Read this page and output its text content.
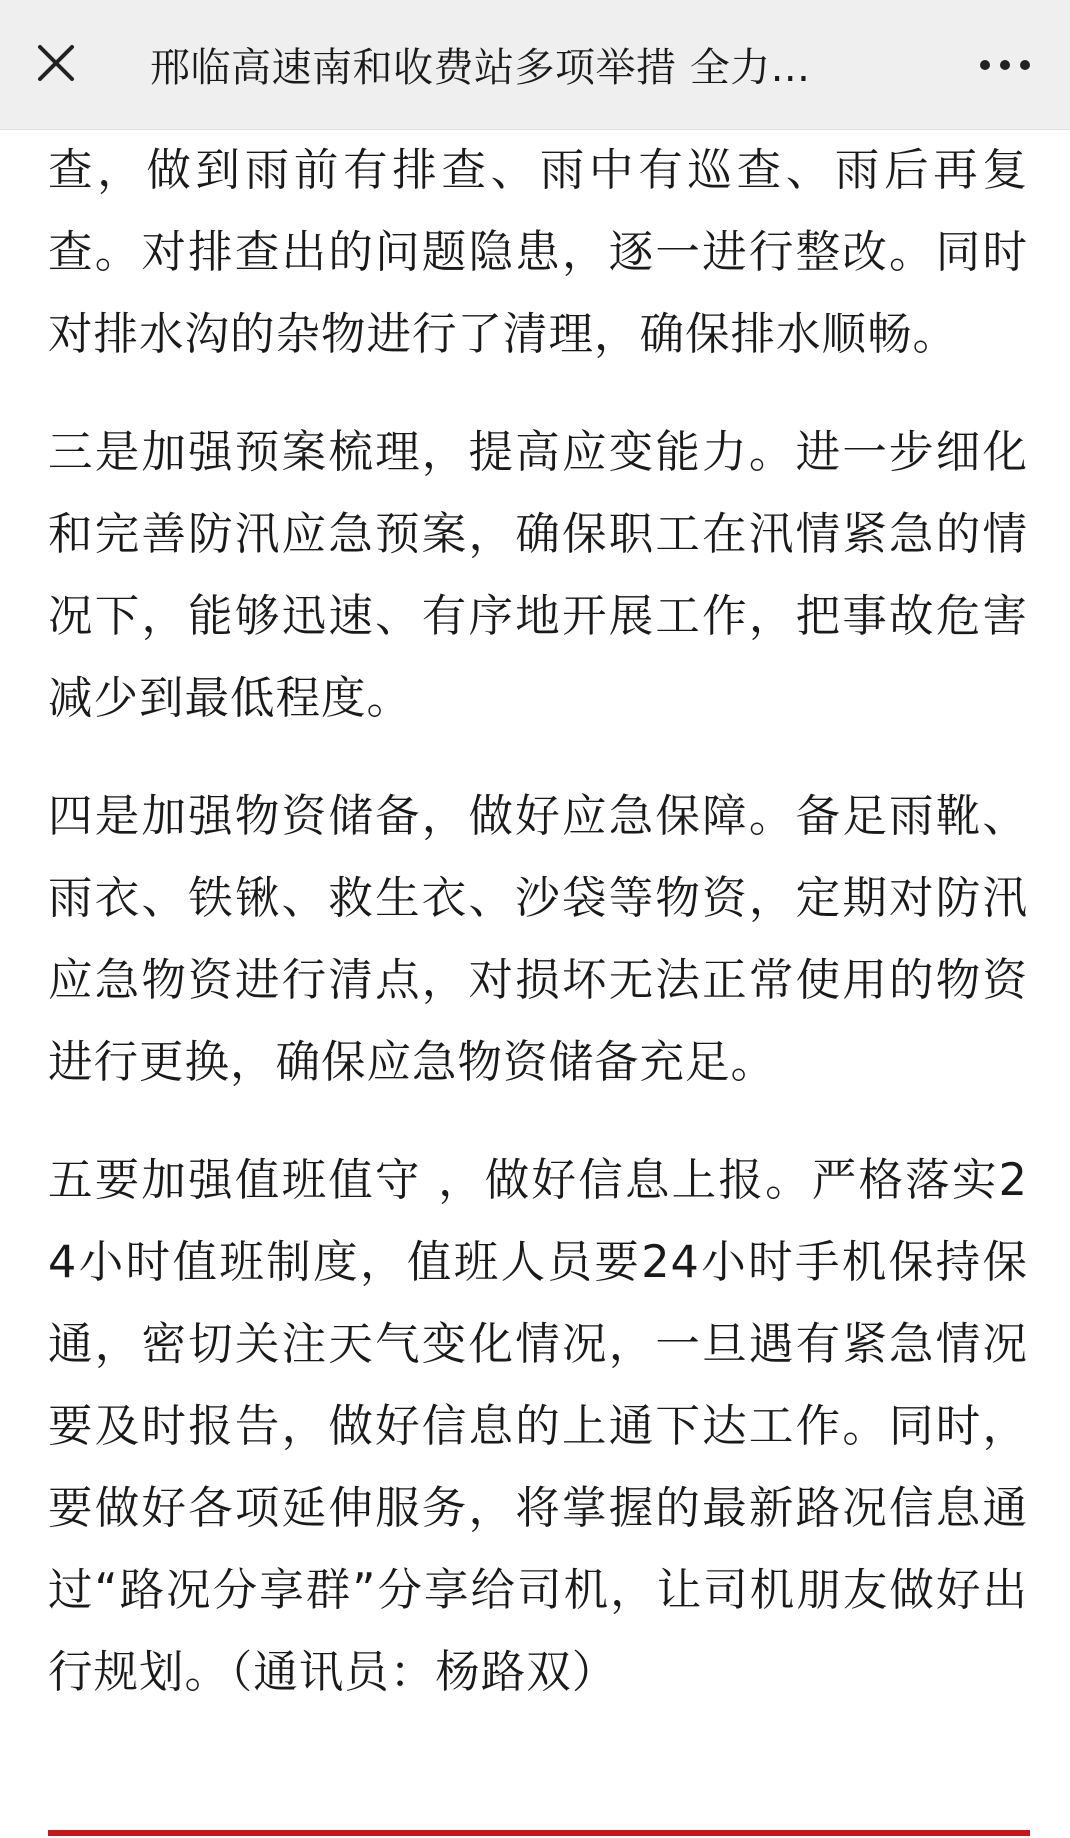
邢临高速南和收费站多项举措 全力...

查，做到雨前有排查、雨中有巡查、雨后再复查。对排查出的问题隐患，逐一进行整改。同时对排水沟的杂物进行了清理，确保排水顺畅。

三是加强预案梳理，提高应变能力。进一步细化和完善防汛应急预案，确保职工在汛情紧急的情况下，能够迅速、有序地开展工作，把事故危害减少到最低程度。

四是加强物资储备，做好应急保障。备足雨靴、雨衣、铁锹、救生衣、沙袋等物资，定期对防汛应急物资进行清点，对损坏无法正常使用的物资进行更换，确保应急物资储备充足。

五要加强值班值守 ，做好信息上报。严格落实24小时值班制度，值班人员要24小时手机保持保通，密切关注天气变化情况，一旦遇有紧急情况要及时报告，做好信息的上通下达工作。同时，要做好各项延伸服务，将掌握的最新路况信息通过“路况分享群”分享给司机，让司机朋友做好出行规划。（通讯员：杨路双）
